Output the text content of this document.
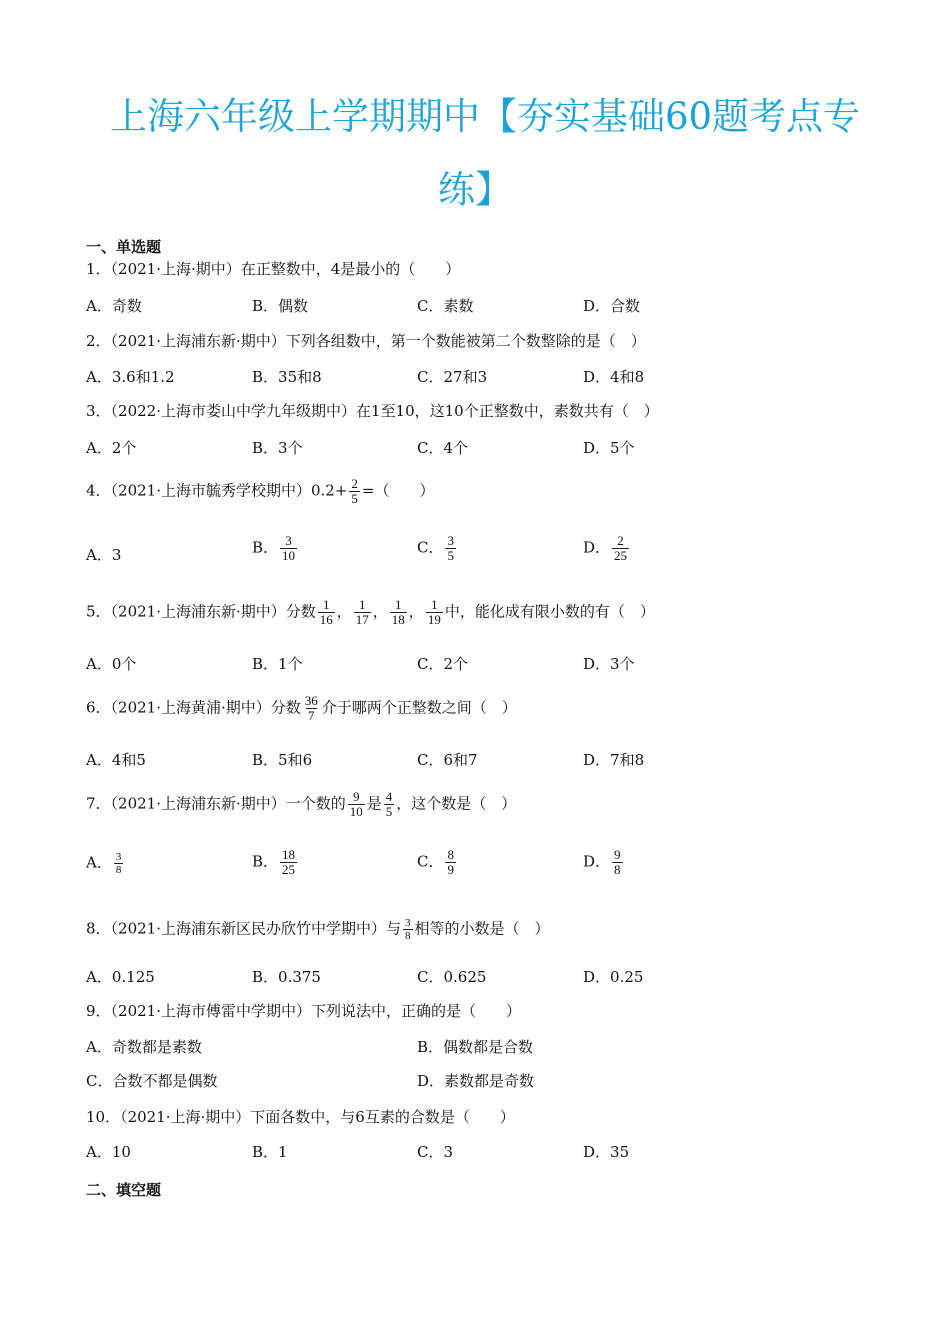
上海六年级上学期期中【夯实基础60题考点专
练】
一、单选题
1．（2021·上海·期中）在正整数中，4是最小的（　　）
A．奇数	B．偶数	C．素数	D．合数
2．（2021·上海浦东新·期中）下列各组数中，第一个数能被第二个数整除的是（　）
A．3.6和1.2	B．35和8	C．27和3	D．4和8
3．（2022·上海市娄山中学九年级期中）在1至10，这10个正整数中，素数共有（　）
A．2个	B．3个	C．4个	D．5个
4．（2021·上海市毓秀学校期中）$0.2+ \frac{2}{5}$ =（　　）
A．3	B． $\frac{3}{10}$	C． $\frac{3}{5}$	D． $\frac{2}{25}$
5．（2021·上海浦东新·期中）分数 $\frac{1}{16}$ ， $\frac{1}{17}$ ， $\frac{1}{18}$ ， $\frac{1}{19}$ 中，能化成有限小数的有（　）
A．0个	B．1个	C．2个	D．3个
6．（2021·上海黄浦·期中）分数 $\frac{36}{7}$ 介于哪两个正整数之间（　）
A．4和5	B．5和6	C．6和7	D．7和8
7．（2021·上海浦东新·期中）一个数的 $\frac{9}{10}$ 是 $\frac{4}{5}$ ，这个数是（　）
A． $\frac{3}{8}$	B． $\frac{18}{25}$	C． $\frac{8}{9}$	D． $\frac{9}{8}$
8．（2021·上海浦东新区民办欣竹中学期中）与 $\frac{3}{8}$ 相等的小数是（　）
A．0.125	B．0.375	C．0.625	D．0.25
9．（2021·上海市傅雷中学期中）下列说法中，正确的是（　　）
A．奇数都是素数	B．偶数都是合数
C．合数不都是偶数	D．素数都是奇数
10．（2021·上海·期中）下面各数中，与6互素的合数是（　　）
A．10	B．1	C．3	D．35
二、填空题
